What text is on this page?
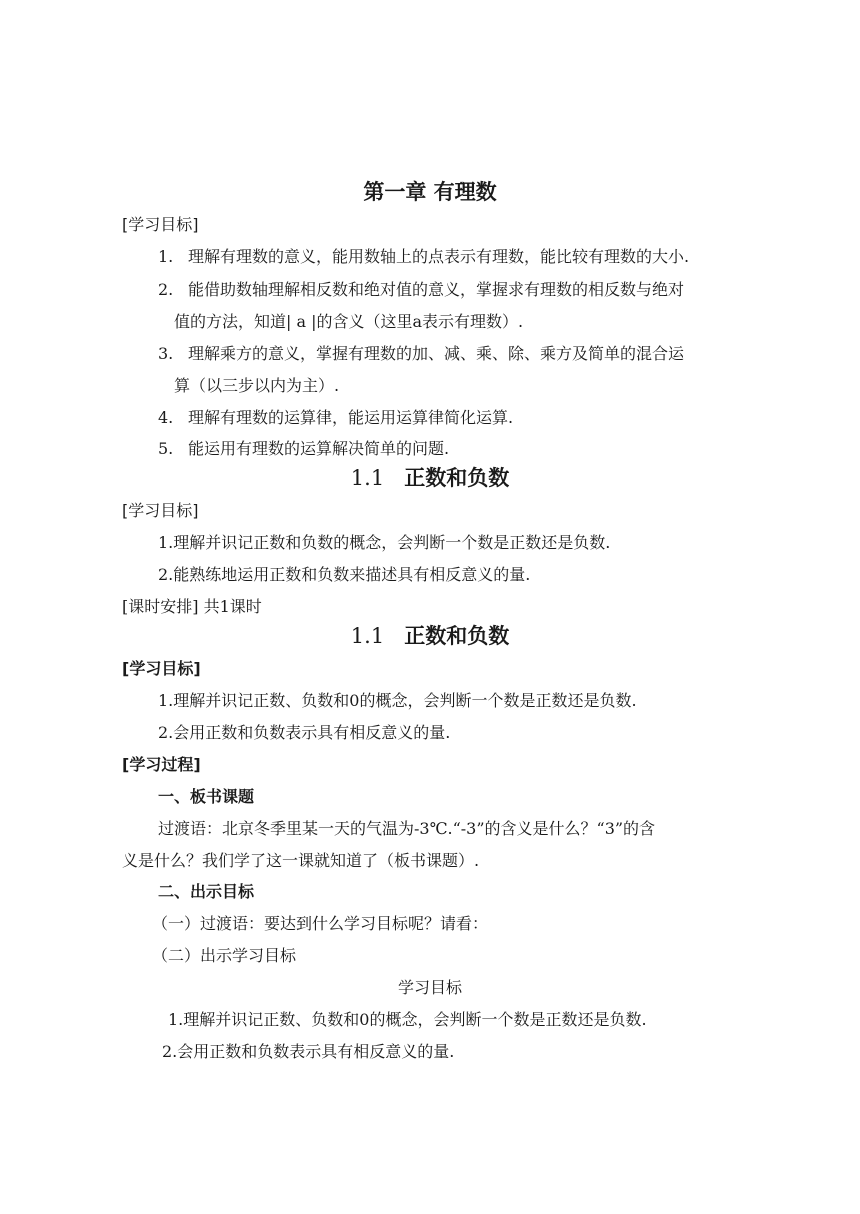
第一章 有理数
[学习目标]
1. 理解有理数的意义，能用数轴上的点表示有理数，能比较有理数的大小.
2. 能借助数轴理解相反数和绝对值的意义，掌握求有理数的相反数与绝对
值的方法，知道| a |的含义（这里a表示有理数）.
3. 理解乘方的意义，掌握有理数的加、减、乘、除、乘方及简单的混合运
算（以三步以内为主）.
4. 理解有理数的运算律，能运用运算律简化运算.
5. 能运用有理数的运算解决简单的问题.
1.1 正数和负数
[学习目标]
1.理解并识记正数和负数的概念，会判断一个数是正数还是负数.
2.能熟练地运用正数和负数来描述具有相反意义的量.
[课时安排] 共1课时
1.1 正数和负数
[学习目标]
1.理解并识记正数、负数和0的概念，会判断一个数是正数还是负数.
2.会用正数和负数表示具有相反意义的量.
[学习过程]
一、板书课题
过渡语：北京冬季里某一天的气温为-3℃.“-3”的含义是什么？“3”的含
义是什么？我们学了这一课就知道了（板书课题）.
二、出示目标
（一）过渡语：要达到什么学习目标呢？请看：
（二）出示学习目标
学习目标
1.理解并识记正数、负数和0的概念，会判断一个数是正数还是负数.
2.会用正数和负数表示具有相反意义的量.
